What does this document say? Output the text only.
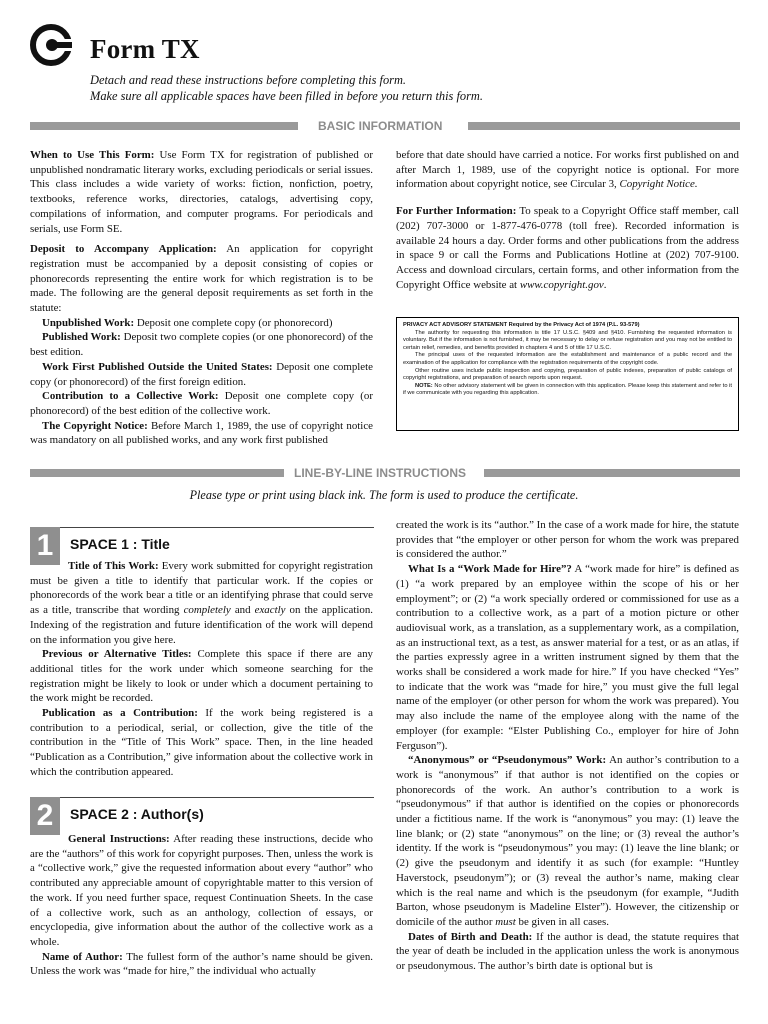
Form TX
Detach and read these instructions before completing this form.
Make sure all applicable spaces have been filled in before you return this form.
BASIC INFORMATION

When to Use This Form: Use Form TX for registration of published or unpublished nondramatic literary works, excluding periodicals or serial issues. This class includes a wide variety of works: fiction, nonfiction, poetry, textbooks, reference works, directories, catalogs, advertising copy, compilations of information, and computer programs. For periodicals and serials, use Form SE.

Deposit to Accompany Application: An application for copyright registration must be accompanied by a deposit consisting of copies or phonorecords representing the entire work for which registration is to be made. The following are the general deposit requirements as set forth in the statute:

Unpublished Work: Deposit one complete copy (or phonorecord)

Published Work: Deposit two complete copies (or one phonorecord) of the best edition.

Work First Published Outside the United States: Deposit one complete copy (or phonorecord) of the first foreign edition.

Contribution to a Collective Work: Deposit one complete copy (or phonorecord) of the best edition of the collective work.

The Copyright Notice: Before March 1, 1989, the use of copyright notice was mandatory on all published works, and any work first published

before that date should have carried a notice. For works first published on and after March 1, 1989, use of the copyright notice is optional. For more information about copyright notice, see Circular 3, Copyright Notice.

For Further Information: To speak to a Copyright Office staff member, call (202) 707-3000 or 1-877-476-0778 (toll free). Recorded information is available 24 hours a day. Order forms and other publications from the address in space 9 or call the Forms and Publications Hotline at (202) 707-9100. Access and download circulars, certain forms, and other information from the Copyright Office website at www.copyright.gov.

PRIVACY ACT ADVISORY STATEMENT Required by the Privacy Act of 1974 (P.L. 93-579)

The authority for requesting this information is title 17 U.S.C. §409 and §410. Furnishing the requested information is voluntary. But if the information is not furnished, it may be necessary to delay or refuse registration and you may not be entitled to certain relief, remedies, and benefits provided in chapters 4 and 5 of title 17 U.S.C.

The principal uses of the requested information are the establishment and maintenance of a public record and the examination of the application for compliance with the registration requirements of the copyright code.

Other routine uses include public inspection and copying, preparation of public indexes, preparation of public catalogs of copyright registrations, and preparation of search reports upon request.

NOTE: No other advisory statement will be given in connection with this application. Please keep this statement and refer to it if we communicate with you regarding this application.

LINE-BY-LINE INSTRUCTIONS
Please type or print using black ink. The form is used to produce the certificate.
1	SPACE 1 : Title

Title of This Work: Every work submitted for copyright registration must be given a title to identify that particular work. If the copies or phonorecords of the work bear a title or an identifying phrase that could serve as a title, transcribe that wording completely and exactly on the application. Indexing of the registration and future identification of the work will depend on the information you give here.

Previous or Alternative Titles: Complete this space if there are any additional titles for the work under which someone searching for the registration might be likely to look or under which a document pertaining to the work might be recorded.

Publication as a Contribution: If the work being registered is a contribution to a periodical, serial, or collection, give the title of the contribution in the “Title of This Work” space. Then, in the line headed “Publication as a Contribution,” give information about the collective work in which the contribution appeared.

2	SPACE 2 : Author(s)

General Instructions: After reading these instructions, decide who are the “authors” of this work for copyright purposes. Then, unless the work is a “collective work,” give the requested information about every “author” who contributed any appreciable amount of copyrightable matter to this version of the work. If you need further space, request Continuation Sheets. In the case of a collective work, such as an anthology, collection of essays, or encyclopedia, give information about the author of the collective work as a whole.

Name of Author: The fullest form of the author’s name should be given. Unless the work was “made for hire,” the individual who actually

created the work is its “author.” In the case of a work made for hire, the statute provides that “the employer or other person for whom the work was prepared is considered the author.”

What Is a “Work Made for Hire”? A “work made for hire” is defined as (1) “a work prepared by an employee within the scope of his or her employment”; or (2) “a work specially ordered or commissioned for use as a contribution to a collective work, as a part of a motion picture or other audiovisual work, as a translation, as a supplementary work, as a compilation, as an instructional text, as a test, as answer material for a test, or as an atlas, if the parties expressly agree in a written instrument signed by them that the works shall be considered a work made for hire.” If you have checked “Yes” to indicate that the work was “made for hire,” you must give the full legal name of the employer (or other person for whom the work was prepared). You may also include the name of the employee along with the name of the employer (for example: “Elster Publishing Co., employer for hire of John Ferguson”).

“Anonymous” or “Pseudonymous” Work: An author’s contribution to a work is “anonymous” if that author is not identified on the copies or phonorecords of the work. An author’s contribution to a work is “pseudonymous” if that author is identified on the copies or phonorecords under a fictitious name. If the work is “anonymous” you may: (1) leave the line blank; or (2) state “anonymous” on the line; or (3) reveal the author’s identity. If the work is “pseudonymous” you may: (1) leave the line blank; or (2) give the pseudonym and identify it as such (for example: “Huntley Haverstock, pseudonym”); or (3) reveal the author’s name, making clear which is the real name and which is the pseudonym (for example, “Judith Barton, whose pseudonym is Madeline Elster”). However, the citizenship or domicile of the author must be given in all cases.

Dates of Birth and Death: If the author is dead, the statute requires that the year of death be included in the application unless the work is anonymous or pseudonymous. The author’s birth date is optional but is
